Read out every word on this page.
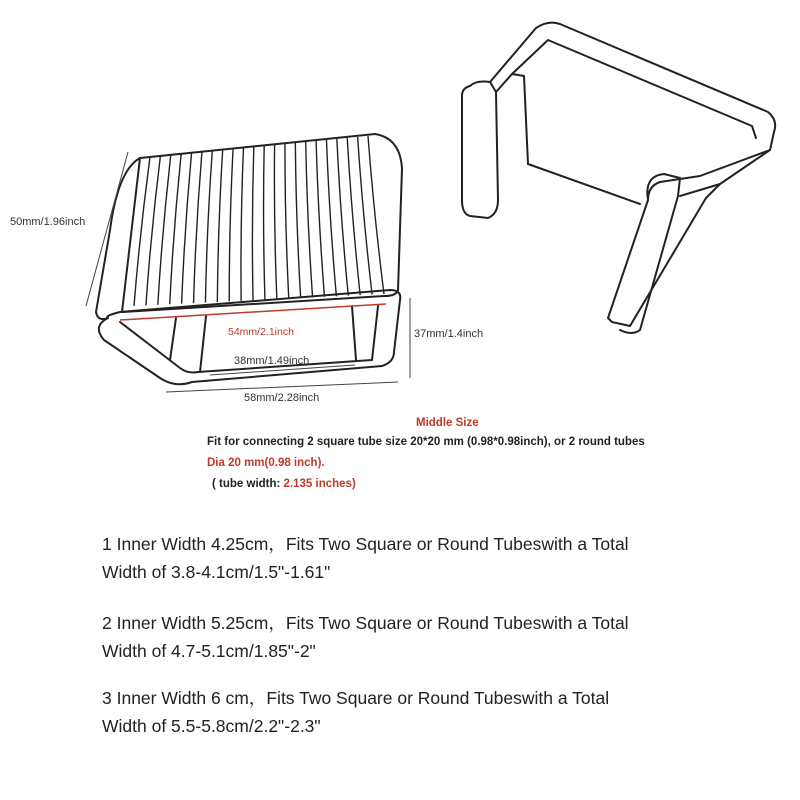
50mm/1.96inch
54mm/2.1inch	37mm/1.4inch
38mm/1.49inch
58mm/2.28inch
Middle Size
Fit for connecting 2 square tube size 20*20 mm (0.98*0.98inch), or 2 round tubes
Dia 20 mm(0.98 inch).
( tube width: 2.135 inches)

1 Inner Width 4.25cm，Fits Two Square or Round Tubeswith a Total

Width of 3.8-4.1cm/1.5"-1.61"

2 Inner Width 5.25cm，Fits Two Square or Round Tubeswith a Total

Width of 4.7-5.1cm/1.85"-2"

3 Inner Width 6 cm，Fits Two Square or Round Tubeswith a Total

Width of 5.5-5.8cm/2.2"-2.3"
